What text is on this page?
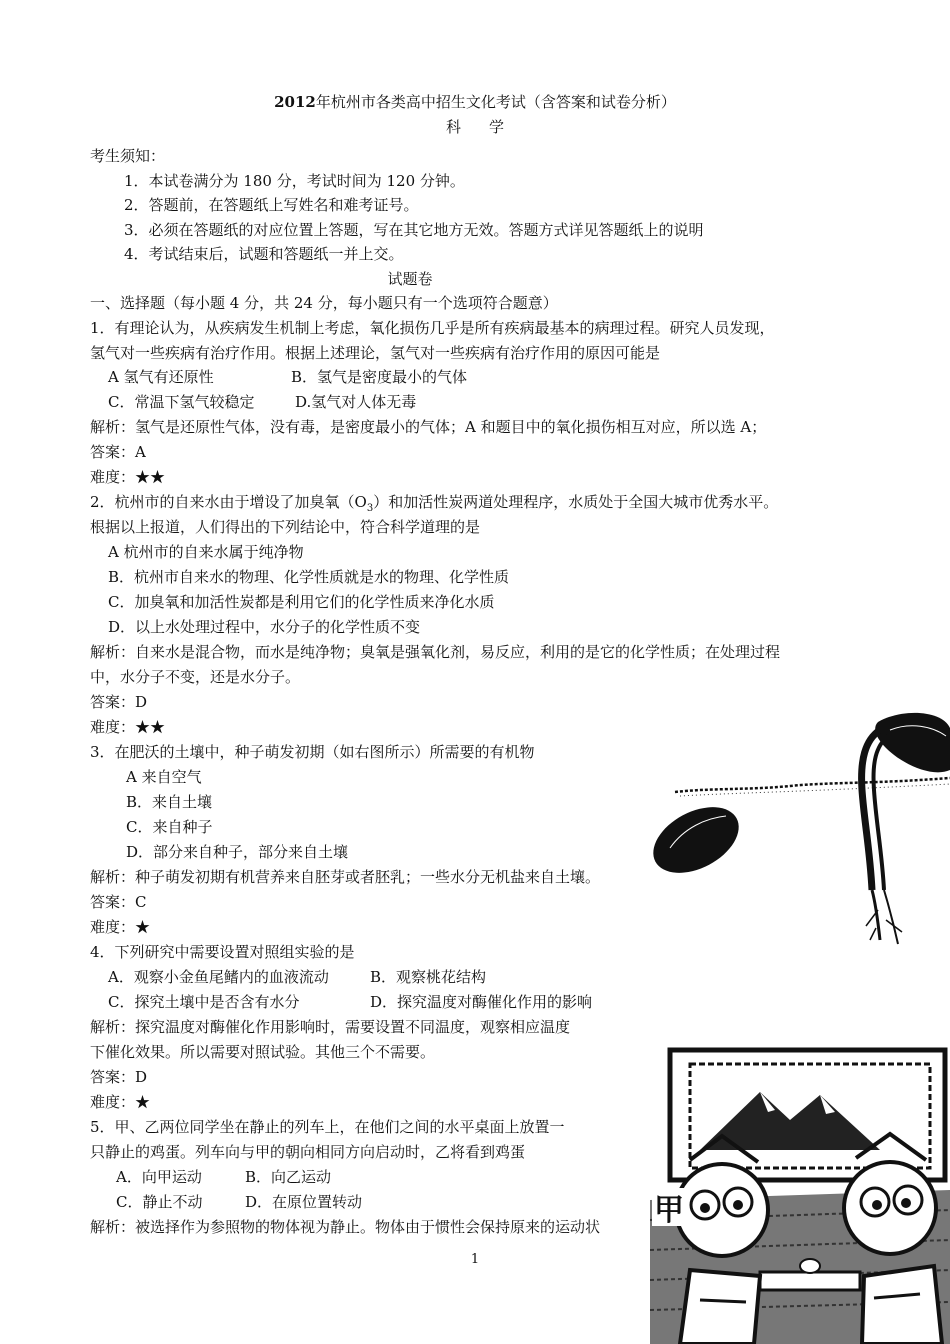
2012年杭州市各类高中招生文化考试（含答案和试卷分析）
科学
考生须知：
1．本试卷满分为 180 分，考试时间为 120 分钟。
2．答题前，在答题纸上写姓名和难考证号。
3．必须在答题纸的对应位置上答题，写在其它地方无效。答题方式详见答题纸上的说明
4．考试结束后，试题和答题纸一并上交。
试题卷
一、选择题（每小题 4 分，共 24 分，每小题只有一个选项符合题意）
1．有理论认为，从疾病发生机制上考虑，氧化损伤几乎是所有疾病最基本的病理过程。研究人员发现，
氢气对一些疾病有治疗作用。根据上述理论，氢气对一些疾病有治疗作用的原因可能是
A 氢气有还原性	B．氢气是密度最小的气体
C．常温下氢气较稳定	D.氢气对人体无毒
解析：氢气是还原性气体，没有毒，是密度最小的气体；A 和题目中的氧化损伤相互对应，所以选 A；
答案：A
难度：★★
2．杭州市的自来水由于增设了加臭氧$(O_3)$和加活性炭两道处理程序，水质处于全国大城市优秀水平。
根据以上报道，人们得出的下列结论中，符合科学道理的是
A 杭州市的自来水属于纯净物
B．杭州市自来水的物理、化学性质就是水的物理、化学性质
C．加臭氧和加活性炭都是利用它们的化学性质来净化水质
D．以上水处理过程中，水分子的化学性质不变
解析：自来水是混合物，而水是纯净物；臭氧是强氧化剂，易反应，利用的是它的化学性质；在处理过程
中，水分子不变，还是水分子。
答案：D
难度：★★
3．在肥沃的土壤中，种子萌发初期（如右图所示）所需要的有机物
A 来自空气
B．来自土壤
C．来自种子
D．部分来自种子，部分来自土壤
解析：种子萌发初期有机营养来自胚芽或者胚乳；一些水分无机盐来自土壤。
答案：C
难度：★
4．下列研究中需要设置对照组实验的是
A．观察小金鱼尾鳍内的血液流动	B．观察桃花结构
C．探究土壤中是否含有水分	D．探究温度对酶催化作用的影响
解析：探究温度对酶催化作用影响时，需要设置不同温度，观察相应温度
下催化效果。所以需要对照试验。其他三个不需要。
答案：D
难度：★
5．甲、乙两位同学坐在静止的列车上，在他们之间的水平桌面上放置一
只静止的鸡蛋。列车向与甲的朝向相同方向启动时，乙将看到鸡蛋
A．向甲运动	B．向乙运动
C．静止不动	D．在原位置转动
解析：被选择作为参照物的物体视为静止。物体由于惯性会保持原来的运动状 甲
1
